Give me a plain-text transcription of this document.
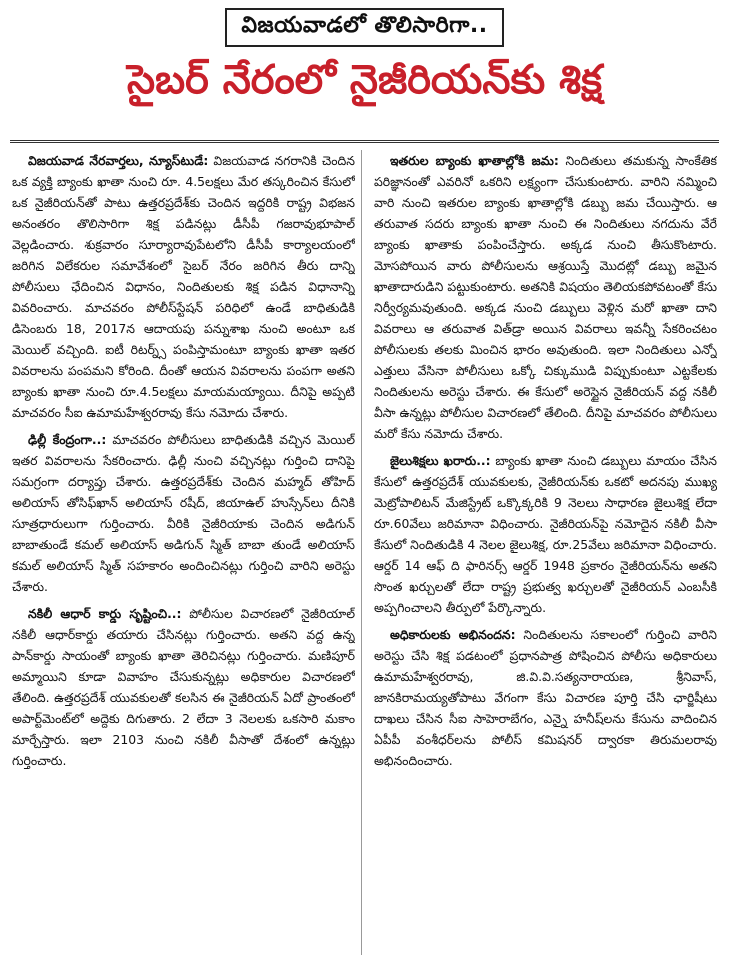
విజయవాడలో తొలిసారిగా..
సైబర్ నేరంలో నైజీరియన్‌కు శిక్ష

విజయవాడ నేరవార్తలు, న్యూస్‌టుడే: విజయవాడ నగరానికి చెందిన ఒక వ్యక్తి బ్యాంకు ఖాతా నుంచి రూ. 4.5లక్షలు మేర తస్కరించిన కేసులో ఒక నైజీరియన్‌తో పాటు ఉత్తరప్రదేశ్‌కు చెందిన ఇద్దరికి రాష్ట్ర విభజన అనంతరం తొలిసారిగా శిక్ష పడినట్లు డీసీపీ గజరావుభూపాల్ వెల్లడించారు. శుక్రవారం సూర్యారావుపేటలోని డీసీపీ కార్యాలయంలో జరిగిన విలేకరుల సమావేశంలో సైబర్ నేరం జరిగిన తీరు దాన్ని పోలీసులు ఛేదించిన విధానం, నిందితులకు శిక్ష పడిన విధానాన్ని వివరించారు. మాచవరం పోలీస్‌స్టేషన్ పరిధిలో ఉండే బాధితుడికి డిసెంబరు 18, 2017న ఆదాయపు పన్నుశాఖ నుంచి అంటూ ఒక మెయిల్ వచ్చింది. ఐటీ రిటర్న్స్ పంపిస్తామంటూ బ్యాంకు ఖాతా ఇతర వివరాలను పంపమని కోరింది. దీంతో ఆయన వివరాలను పంపగా అతని బ్యాంకు ఖాతా నుంచి రూ.4.5లక్షలు మాయమయ్యాయి. దీనిపై అప్పటి మాచవరం సీఐ ఉమామహేశ్వరరావు కేసు నమోదు చేశారు.

ఢిల్లీ కేంద్రంగా..: మాచవరం పోలీసులు బాధితుడికి వచ్చిన మెయిల్ ఇతర వివరాలను సేకరించారు. ఢిల్లీ నుంచి వచ్చినట్లు గుర్తించి దానిపై సమగ్రంగా దర్యాప్తు చేశారు. ఉత్తరప్రదేశ్‌కు చెందిన మహ్మద్ తోహిద్ అలియాస్ తోసిఫ్‌ఖాన్ అలియాస్ రషీద్, జియాఉల్ హుస్సేన్‌లు దీనికి సూత్రధారులుగా గుర్తించారు. వీరికి నైజీరియాకు చెందిన అడిగున్ బాబాతుండే కమల్ అలియాస్ అడిగున్ స్మిత్ బాబా తుండే అలియాస్ కమల్ అలియాస్ స్మిత్ సహకారం అందించినట్లు గుర్తించి వారిని అరెస్టు చేశారు.

నకిలీ ఆధార్ కార్డు సృష్టించి..: పోలీసుల విచారణలో నైజీరియాల్ నకిలీ ఆధార్‌కార్డు తయారు చేసినట్లు గుర్తించారు. అతని వద్ద ఉన్న పాన్‌కార్డు సాయంతో బ్యాంకు ఖాతా తెరిచినట్లు గుర్తించారు. మణిపూర్ అమ్మాయిని కూడా వివాహం చేసుకున్నట్లు అధికారుల విచారణలో తేలింది. ఉత్తరప్రదేశ్ యువకులతో కలసిన ఈ నైజీరియన్ ఏదో ప్రాంతంలో అపార్ట్‌మెంట్‌లో అద్దెకు దిగుతారు. 2 లేదా 3 నెలలకు ఒకసారి మకాం మార్చేస్తారు. ఇలా 2103 నుంచి నకిలీ వీసాతో దేశంలో ఉన్నట్లు గుర్తించారు.

ఇతరుల బ్యాంకు ఖాతాల్లోకి జమ: నిందితులు తమకున్న సాంకేతిక పరిజ్ఞానంతో ఎవరినో ఒకరిని లక్ష్యంగా చేసుకుంటారు. వారిని నమ్మించి వారి నుంచి ఇతరుల బ్యాంకు ఖాతాల్లోకి డబ్బు జమ చేయిస్తారు. ఆ తరువాత సదరు బ్యాంకు ఖాతా నుంచి ఈ నిందితులు నగదును వేరే బ్యాంకు ఖాతాకు పంపించేస్తారు. అక్కడ నుంచి తీసుకొంటారు. మోసపోయిన వారు పోలీసులను ఆశ్రయిస్తే మొదట్లో డబ్బు జమైన ఖాతాదారుడిని పట్టుకుంటారు. అతనికి విషయం తెలియకపోవటంతో కేసు నిర్వీర్యమవుతుంది. అక్కడ నుంచి డబ్బులు వెళ్లిన మరో ఖాతా దాని వివరాలు ఆ తరువాత విత్‌డ్రా అయిన వివరాలు ఇవన్నీ సేకరించటం పోలీసులకు తలకు మించిన భారం అవుతుంది. ఇలా నిందితులు ఎన్నో ఎత్తులు వేసినా పోలీసులు ఒక్కో చిక్కుముడి విప్పుకుంటూ ఎట్టకేలకు నిందితులను అరెస్టు చేశారు. ఈ కేసులో అరెస్టైన నైజీరియన్ వద్ద నకిలీ వీసా ఉన్నట్లు పోలీసుల విచారణలో తేలింది. దీనిపై మాచవరం పోలీసులు మరో కేసు నమోదు చేశారు.

జైలుశిక్షలు ఖరారు..: బ్యాంకు ఖాతా నుంచి డబ్బులు మాయం చేసిన కేసులో ఉత్తరప్రదేశ్ యువకులకు, నైజీరియన్‌కు ఒకటో అదనపు ముఖ్య మెట్రోపాలిటన్ మేజిస్ట్రేట్ ఒక్కొక్కరికి 9 నెలలు సాధారణ జైలుశిక్ష లేదా రూ.60వేలు జరిమానా విధించారు. నైజీరియన్‌పై నమోదైన నకిలీ వీసా కేసులో నిందితుడికి 4 నెలల జైలుశిక్ష, రూ.25వేలు జరిమానా విధించారు. ఆర్డర్ 14 ఆఫ్ ది ఫారినర్స్ ఆర్డర్ 1948 ప్రకారం నైజీరియన్‌ను అతని సొంత ఖర్చులతో లేదా రాష్ట్ర ప్రభుత్వ ఖర్చులతో నైజీరియన్ ఎంబసీకి అప్పగించాలని తీర్పులో పేర్కొన్నారు.

అధికారులకు అభినందన: నిందితులను సకాలంలో గుర్తించి వారిని అరెస్టు చేసి శిక్ష పడటంలో ప్రధానపాత్ర పోషించిన పోలీసు అధికారులు ఉమామహేశ్వరరావు, జి.వి.వి.సత్యనారాయణ, శ్రీనివాస్, జానకిరామయ్యతోపాటు వేగంగా కేసు విచారణ పూర్తి చేసి ఛార్జిషీటు దాఖలు చేసిన సీఐ సాహెరాబేగం, ఎన్నై హనీష్‌లను కేసును వాదించిన ఏపీపీ వంశీధర్‌లను పోలీస్ కమిషనర్ ద్వారకా తిరుమలరావు అభినందించారు.
